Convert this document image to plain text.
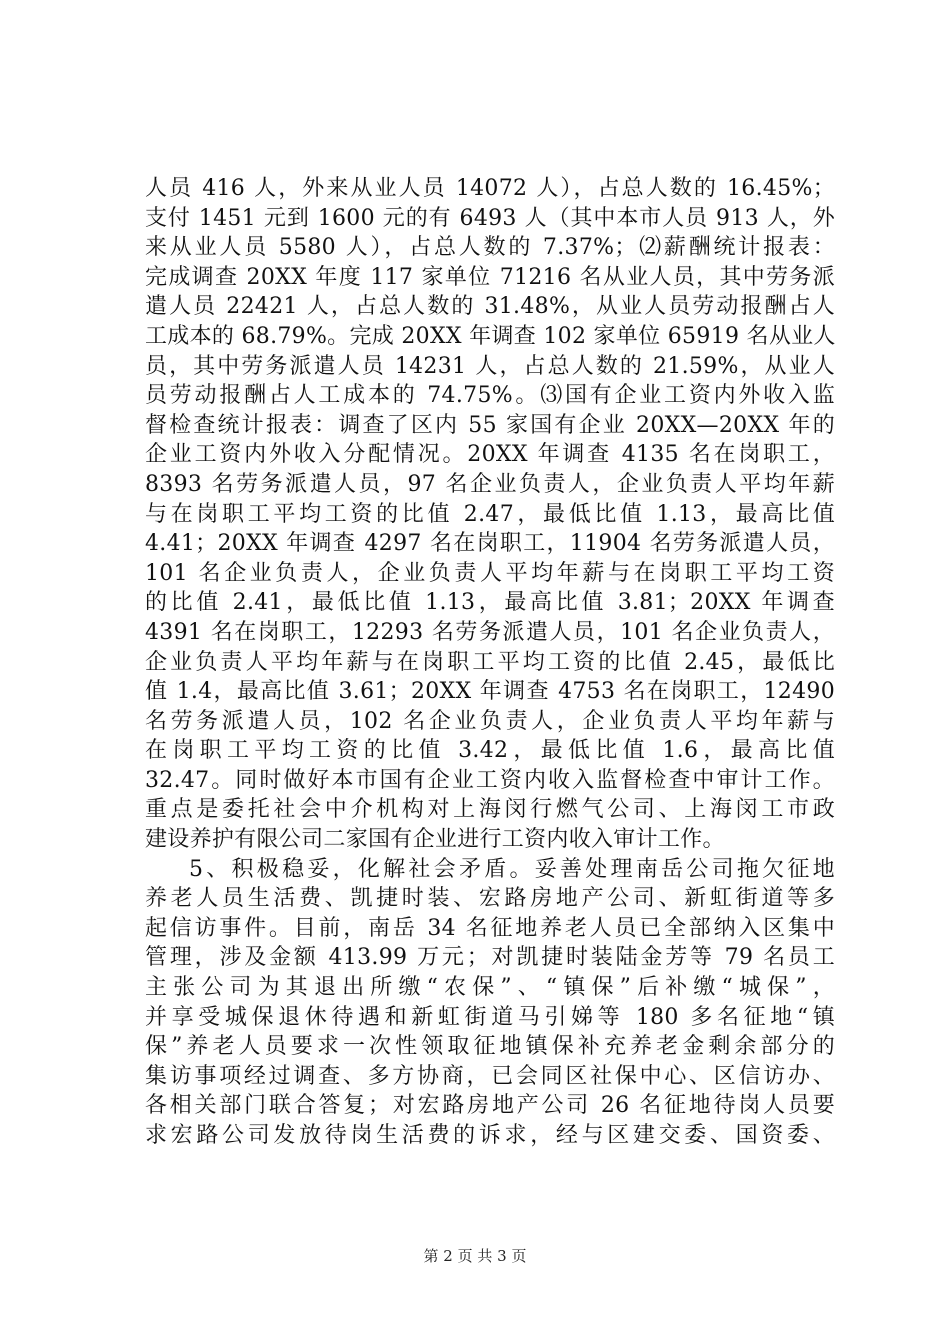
人员 416 人，外来从业人员 14072 人），占总人数的 16.45%；
支付 1451 元到 1600 元的有 6493 人（其中本市人员 913 人，外
来从业人员 5580 人），占总人数的 7.37%；⑵薪酬统计报表：
完成调查 20XX 年度 117 家单位 71216 名从业人员，其中劳务派
遣人员 22421 人，占总人数的 31.48%，从业人员劳动报酬占人
工成本的 68.79%。完成 20XX 年调查 102 家单位 65919 名从业人
员，其中劳务派遣人员 14231 人，占总人数的 21.59%，从业人
员劳动报酬占人工成本的 74.75%。⑶国有企业工资内外收入监
督检查统计报表：调查了区内 55 家国有企业 20XX—20XX 年的
企业工资内外收入分配情况。20XX 年调查 4135 名在岗职工，
8393 名劳务派遣人员，97 名企业负责人，企业负责人平均年薪
与在岗职工平均工资的比值 2.47，最低比值 1.13，最高比值
4.41；20XX 年调查 4297 名在岗职工，11904 名劳务派遣人员，
101 名企业负责人，企业负责人平均年薪与在岗职工平均工资
的比值 2.41，最低比值 1.13，最高比值 3.81；20XX 年调查
4391 名在岗职工，12293 名劳务派遣人员，101 名企业负责人，
企业负责人平均年薪与在岗职工平均工资的比值 2.45，最低比
值 1.4，最高比值 3.61；20XX 年调查 4753 名在岗职工，12490
名劳务派遣人员，102 名企业负责人，企业负责人平均年薪与
在岗职工平均工资的比值 3.42，最低比值 1.6，最高比值
32.47。同时做好本市国有企业工资内收入监督检查中审计工作。
重点是委托社会中介机构对上海闵行燃气公司、上海闵工市政
建设养护有限公司二家国有企业进行工资内收入审计工作。
5、积极稳妥，化解社会矛盾。妥善处理南岳公司拖欠征地
养老人员生活费、凯捷时装、宏路房地产公司、新虹街道等多
起信访事件。目前，南岳 34 名征地养老人员已全部纳入区集中
管理，涉及金额 413.99 万元；对凯捷时装陆金芳等 79 名员工
主张公司为其退出所缴“农保”、“镇保”后补缴“城保”，
并享受城保退休待遇和新虹街道马引娣等 180 多名征地“镇
保”养老人员要求一次性领取征地镇保补充养老金剩余部分的
集访事项经过调查、多方协商，已会同区社保中心、区信访办、
各相关部门联合答复；对宏路房地产公司 26 名征地待岗人员要
求宏路公司发放待岗生活费的诉求，经与区建交委、国资委、
第 2 页 共 3 页
